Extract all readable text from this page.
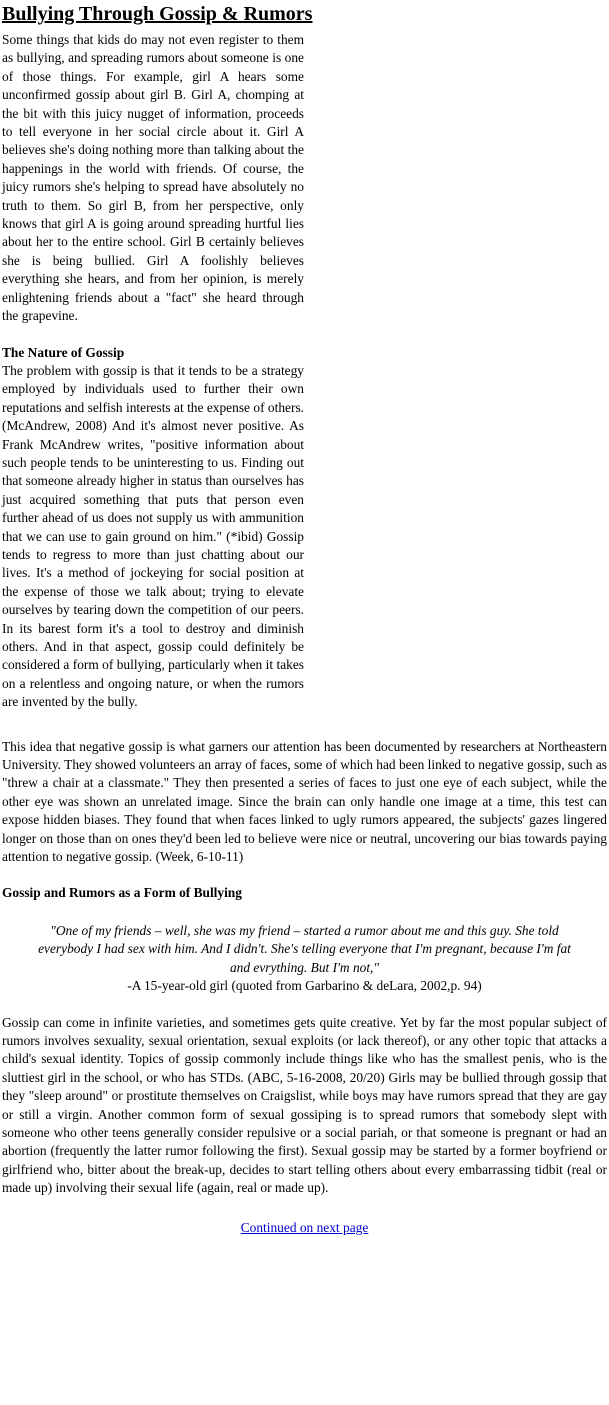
Bullying Through Gossip & Rumors

Some things that kids do may not even register to them as bullying, and spreading rumors about someone is one of those things. For example, girl A hears some unconfirmed gossip about girl B. Girl A, chomping at the bit with this juicy nugget of information, proceeds to tell everyone in her social circle about it. Girl A believes she's doing nothing more than talking about the happenings in the world with friends. Of course, the juicy rumors she's helping to spread have absolutely no truth to them. So girl B, from her perspective, only knows that girl A is going around spreading hurtful lies about her to the entire school. Girl B certainly believes she is being bullied. Girl A foolishly believes everything she hears, and from her opinion, is merely enlightening friends about a "fact" she heard through the grapevine.

The Nature of Gossip

The problem with gossip is that it tends to be a strategy employed by individuals used to further their own reputations and selfish interests at the expense of others. (McAndrew, 2008) And it's almost never positive. As Frank McAndrew writes, "positive information about such people tends to be uninteresting to us. Finding out that someone already higher in status than ourselves has just acquired something that puts that person even further ahead of us does not supply us with ammunition that we can use to gain ground on him." (*ibid) Gossip tends to regress to more than just chatting about our lives. It's a method of jockeying for social position at the expense of those we talk about; trying to elevate ourselves by tearing down the competition of our peers. In its barest form it's a tool to destroy and diminish others. And in that aspect, gossip could definitely be considered a form of bullying, particularly when it takes on a relentless and ongoing nature, or when the rumors are invented by the bully.

This idea that negative gossip is what garners our attention has been documented by researchers at Northeastern University. They showed volunteers an array of faces, some of which had been linked to negative gossip, such as "threw a chair at a classmate." They then presented a series of faces to just one eye of each subject, while the other eye was shown an unrelated image. Since the brain can only handle one image at a time, this test can expose hidden biases. They found that when faces linked to ugly rumors appeared, the subjects' gazes lingered longer on those than on ones they'd been led to believe were nice or neutral, uncovering our bias towards paying attention to negative gossip. (Week, 6-10-11)

Gossip and Rumors as a Form of Bullying
"One of my friends – well, she was my friend – started a rumor about me and this guy. She told everybody I had sex with him. And I didn't. She's telling everyone that I'm pregnant, because I'm fat and evrything. But I'm not,"
-A 15-year-old girl (quoted from Garbarino & deLara, 2002,p. 94)

Gossip can come in infinite varieties, and sometimes gets quite creative. Yet by far the most popular subject of rumors involves sexuality, sexual orientation, sexual exploits (or lack thereof), or any other topic that attacks a child's sexual identity. Topics of gossip commonly include things like who has the smallest penis, who is the sluttiest girl in the school, or who has STDs. (ABC, 5-16-2008, 20/20) Girls may be bullied through gossip that they "sleep around" or prostitute themselves on Craigslist, while boys may have rumors spread that they are gay or still a virgin. Another common form of sexual gossiping is to spread rumors that somebody slept with someone who other teens generally consider repulsive or a social pariah, or that someone is pregnant or had an abortion (frequently the latter rumor following the first). Sexual gossip may be started by a former boyfriend or girlfriend who, bitter about the break-up, decides to start telling others about every embarrassing tidbit (real or made up) involving their sexual life (again, real or made up).

Continued on next page
